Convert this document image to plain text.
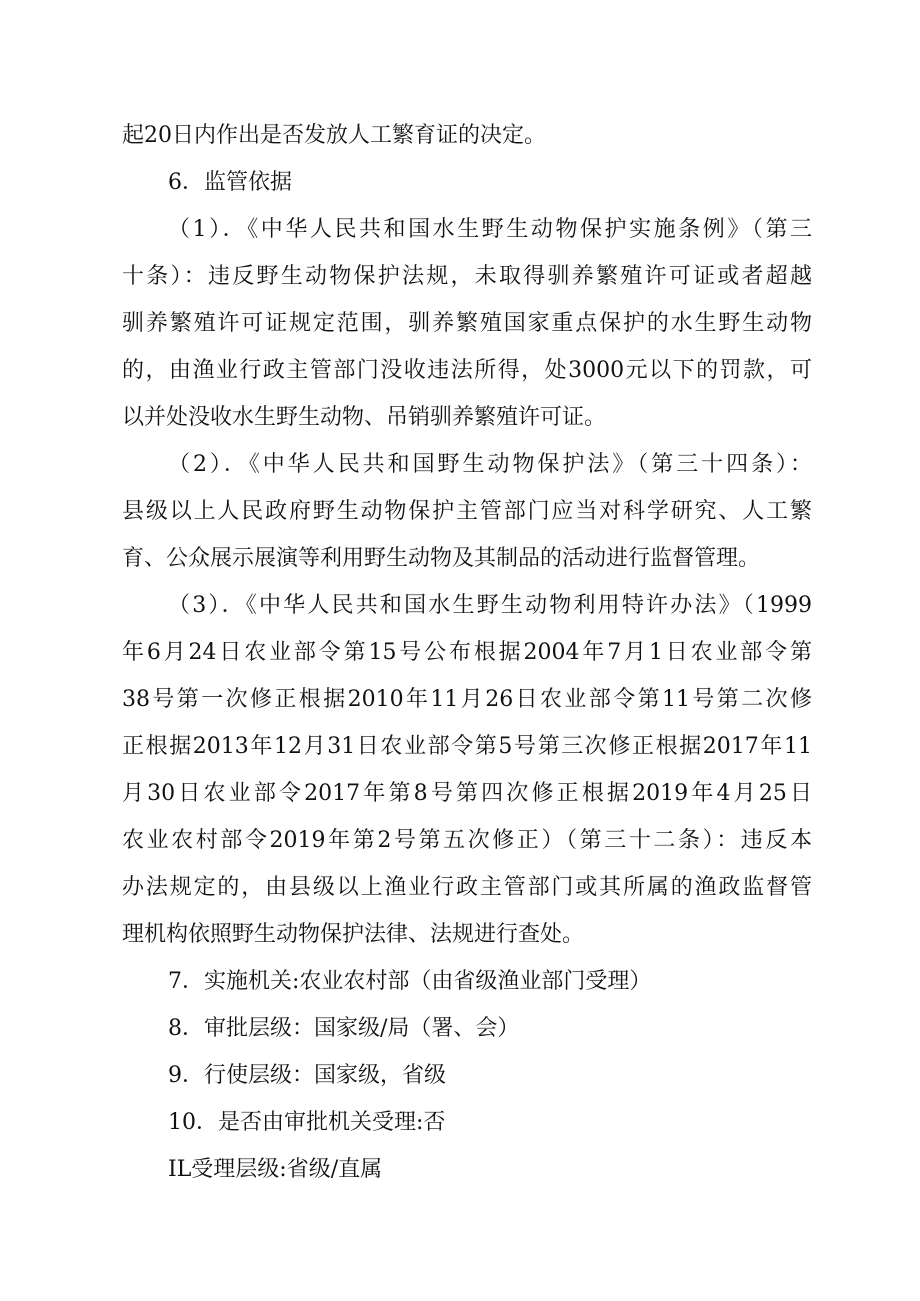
起20日内作出是否发放人工繁育证的决定。
6．监管依据
（1）．《中华人民共和国水生野生动物保护实施条例》（第三
十条）：违反野生动物保护法规，未取得驯养繁殖许可证或者超越
驯养繁殖许可证规定范围，驯养繁殖国家重点保护的水生野生动物
的，由渔业行政主管部门没收违法所得，处3000元以下的罚款，可
以并处没收水生野生动物、吊销驯养繁殖许可证。
（2）．《中华人民共和国野生动物保护法》（第三十四条）：
县级以上人民政府野生动物保护主管部门应当对科学研究、人工繁
育、公众展示展演等利用野生动物及其制品的活动进行监督管理。
（3）．《中华人民共和国水生野生动物利用特许办法》（1999
年6月24日农业部令第15号公布根据2004年7月1日农业部令第
38号第一次修正根据2010年11月26日农业部令第11号第二次修
正根据2013年12月31日农业部令第5号第三次修正根据2017年11
月30日农业部令2017年第8号第四次修正根据2019年4月25日
农业农村部令2019年第2号第五次修正）（第三十二条）：违反本
办法规定的，由县级以上渔业行政主管部门或其所属的渔政监督管
理机构依照野生动物保护法律、法规进行查处。
7．实施机关:农业农村部（由省级渔业部门受理）
8．审批层级：国家级/局（署、会）
9．行使层级：国家级，省级
10．是否由审批机关受理:否
IL受理层级:省级/直属
